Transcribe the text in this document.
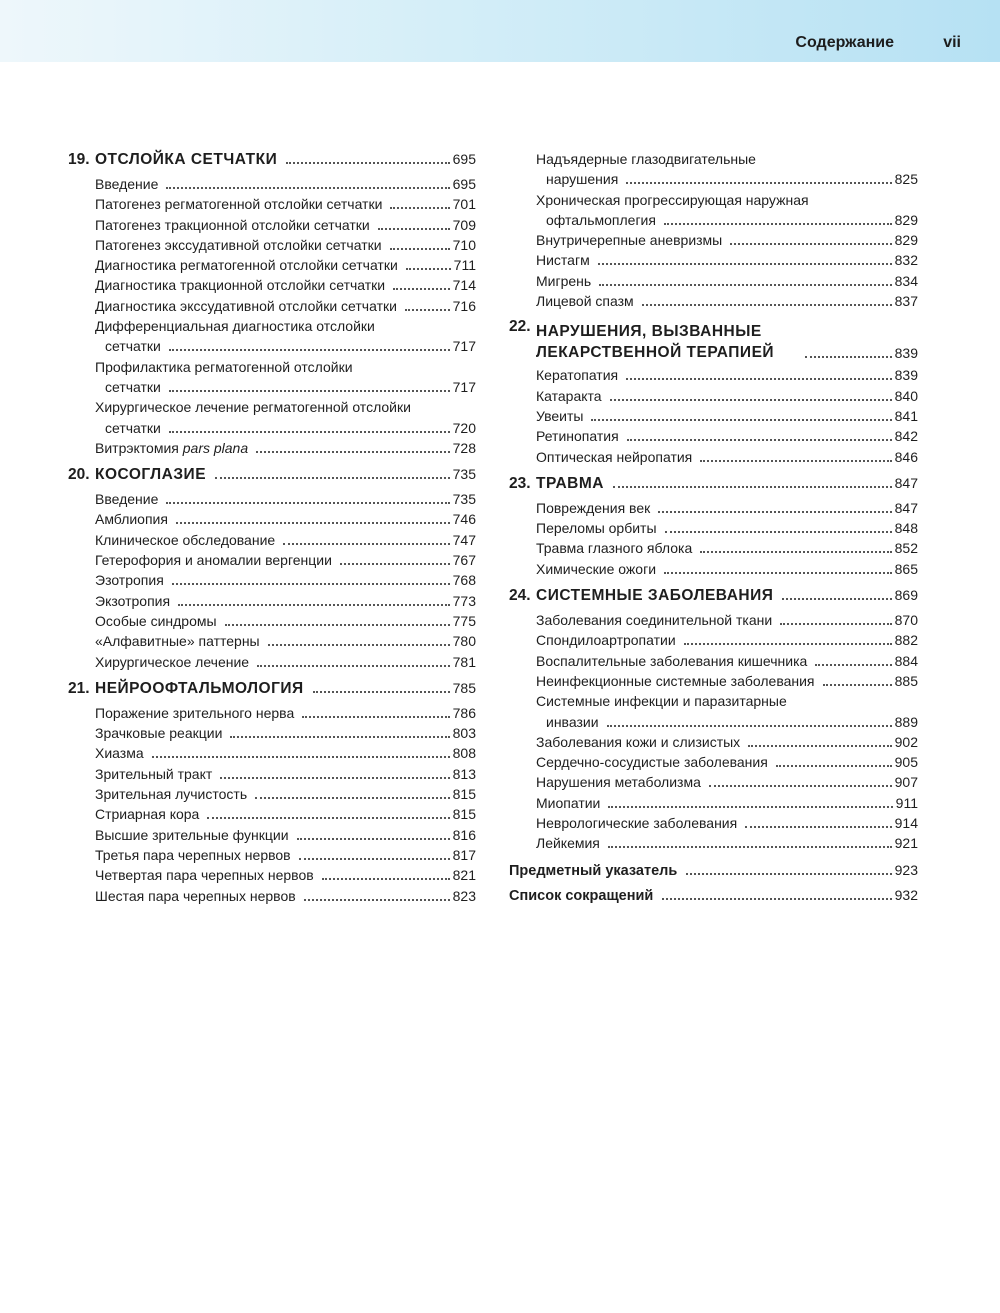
Содержание	vii
19. ОТСЛОЙКА СЕТЧАТКИ	695
Введение	695
Патогенез регматогенной отслойки сетчатки	701
Патогенез тракционной отслойки сетчатки	709
Патогенез экссудативной отслойки сетчатки	710
Диагностика регматогенной отслойки сетчатки	711
Диагностика тракционной отслойки сетчатки	714
Диагностика экссудативной отслойки сетчатки	716
Дифференциальная диагностика отслойки
сетчатки	717
Профилактика регматогенной отслойки
сетчатки	717
Хирургическое лечение регматогенной отслойки
сетчатки	720
Витрэктомия pars plana	728
20. КОСОГЛАЗИЕ	735
Введение	735
Амблиопия	746
Клиническое обследование	747
Гетерофория и аномалии вергенции	767
Эзотропия	768
Экзотропия	773
Особые синдромы	775
«Алфавитные» паттерны	780
Хирургическое лечение	781
21. НЕЙРООФТАЛЬМОЛОГИЯ	785
Поражение зрительного нерва	786
Зрачковые реакции	803
Хиазма	808
Зрительный тракт	813
Зрительная лучистость	815
Стриарная кора	815
Высшие зрительные функции	816
Третья пара черепных нервов	817
Четвертая пара черепных нервов	821
Шестая пара черепных нервов	823
Надъядерные глазодвигательные
нарушения	825
Хроническая прогрессирующая наружная
офтальмоплегия	829
Внутричерепные аневризмы	829
Нистагм	832
Мигрень	834
Лицевой спазм	837
22. НАРУШЕНИЯ, ВЫЗВАННЫЕ ЛЕКАРСТВЕННОЙ ТЕРАПИЕЙ	839
Кератопатия	839
Катаракта	840
Увеиты	841
Ретинопатия	842
Оптическая нейропатия	846
23. ТРАВМА	847
Повреждения век	847
Переломы орбиты	848
Травма глазного яблока	852
Химические ожоги	865
24. СИСТЕМНЫЕ ЗАБОЛЕВАНИЯ	869
Заболевания соединительной ткани	870
Спондилоартропатии	882
Воспалительные заболевания кишечника	884
Неинфекционные системные заболевания	885
Системные инфекции и паразитарные
инвазии	889
Заболевания кожи и слизистых	902
Сердечно-сосудистые заболевания	905
Нарушения метаболизма	907
Миопатии	911
Неврологические заболевания	914
Лейкемия	921
Предметный указатель	923
Список сокращений	932
